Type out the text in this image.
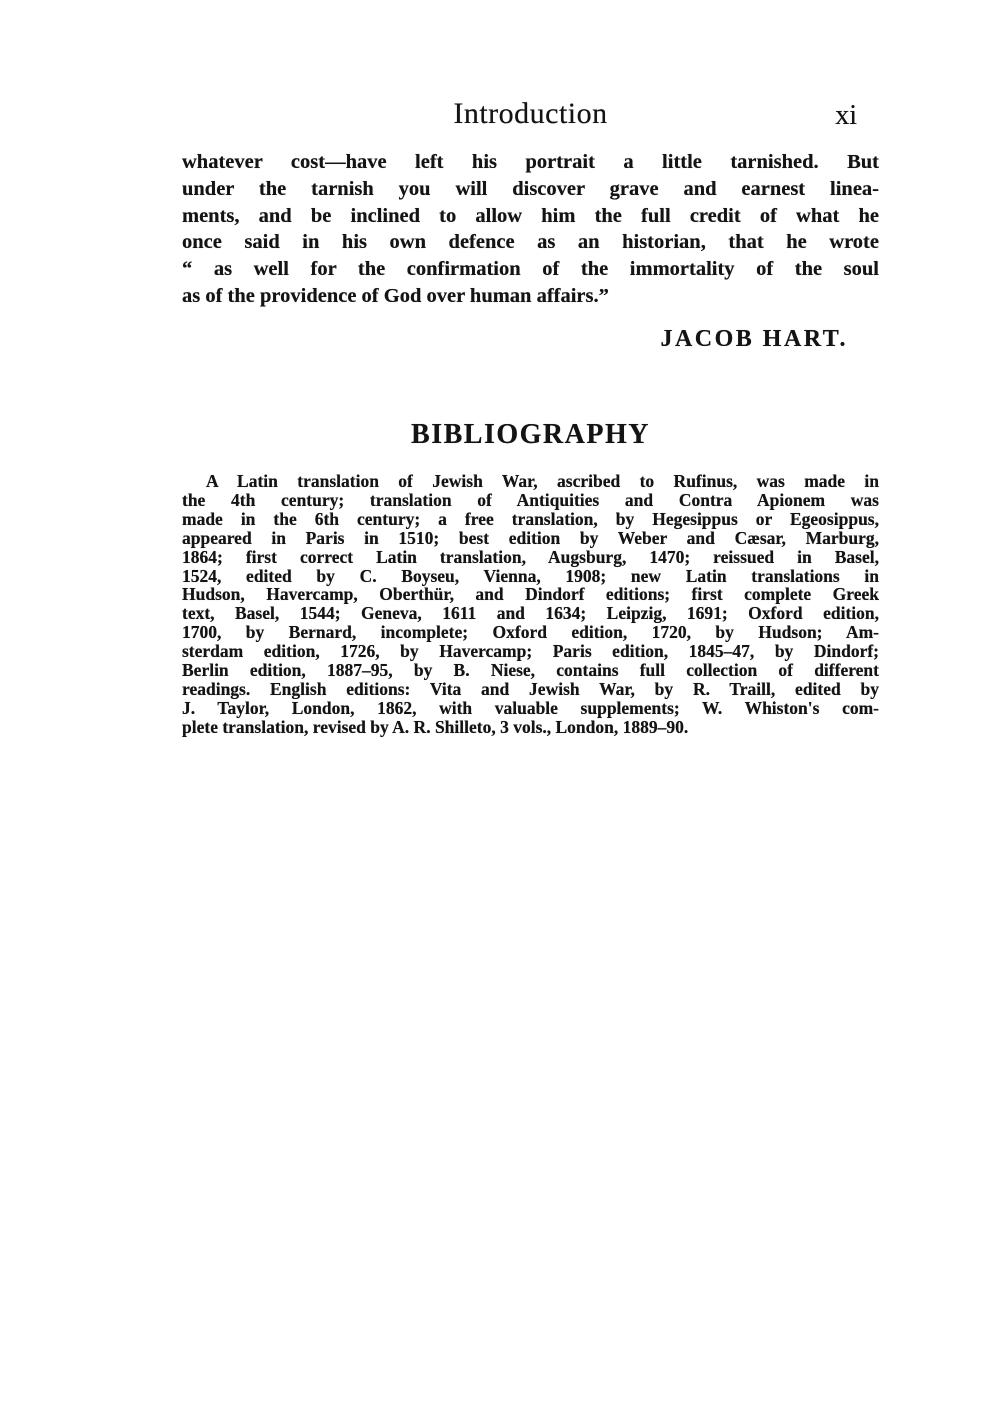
Introduction	xi
whatever cost—have left his portrait a little tarnished. But
under the tarnish you will discover grave and earnest linea-
ments, and be inclined to allow him the full credit of what he
once said in his own defence as an historian, that he wrote
“ as well for the confirmation of the immortality of the soul
as of the providence of God over human affairs.”
JACOB HART.
BIBLIOGRAPHY
A Latin translation of Jewish War, ascribed to Rufinus, was made in
the 4th century; translation of Antiquities and Contra Apionem was
made in the 6th century; a free translation, by Hegesippus or Egeosippus,
appeared in Paris in 1510; best edition by Weber and Cæsar, Marburg,
1864; first correct Latin translation, Augsburg, 1470; reissued in Basel,
1524, edited by C. Boyseu, Vienna, 1908; new Latin translations in
Hudson, Havercamp, Oberthür, and Dindorf editions; first complete Greek
text, Basel, 1544; Geneva, 1611 and 1634; Leipzig, 1691; Oxford edition,
1700, by Bernard, incomplete; Oxford edition, 1720, by Hudson; Am-
sterdam edition, 1726, by Havercamp; Paris edition, 1845–47, by Dindorf;
Berlin edition, 1887–95, by B. Niese, contains full collection of different
readings. English editions: Vita and Jewish War, by R. Traill, edited by
J. Taylor, London, 1862, with valuable supplements; W. Whiston's com-
plete translation, revised by A. R. Shilleto, 3 vols., London, 1889–90.
